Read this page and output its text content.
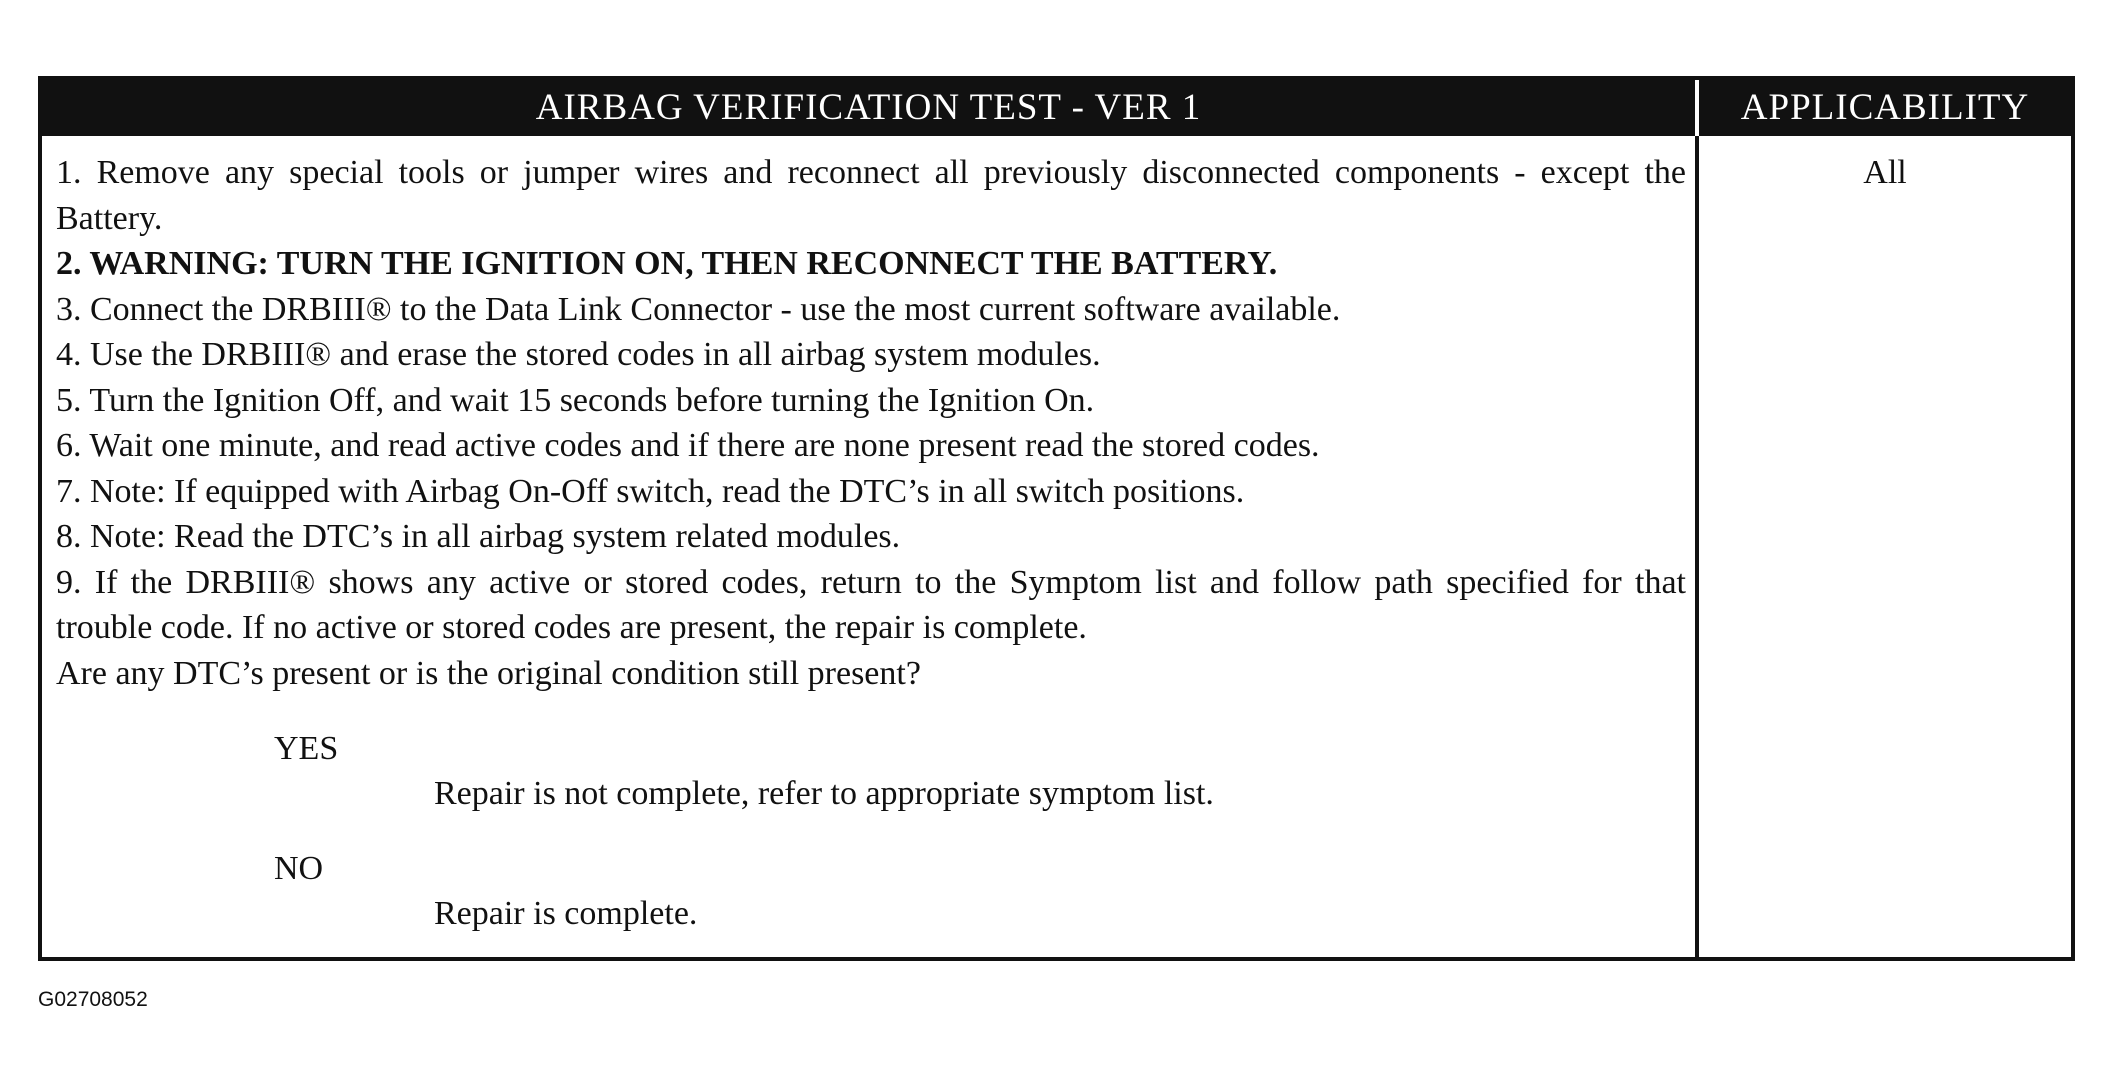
AIRBAG VERIFICATION TEST - VER 1	APPLICABILITY
1. Remove any special tools or jumper wires and reconnect all previously disconnected components - except the Battery.
2. WARNING: TURN THE IGNITION ON, THEN RECONNECT THE BATTERY.
3. Connect the DRBIII® to the Data Link Connector - use the most current software available.
4. Use the DRBIII® and erase the stored codes in all airbag system modules.
5. Turn the Ignition Off, and wait 15 seconds before turning the Ignition On.
6. Wait one minute, and read active codes and if there are none present read the stored codes.
7. Note: If equipped with Airbag On-Off switch, read the DTC’s in all switch positions.
8. Note: Read the DTC’s in all airbag system related modules.
9. If the DRBIII® shows any active or stored codes, return to the Symptom list and follow path specified for that trouble code. If no active or stored codes are present, the repair is complete.
Are any DTC’s present or is the original condition still present?
YES
Repair is not complete, refer to appropriate symptom list.
NO
Repair is complete.
All
G02708052
